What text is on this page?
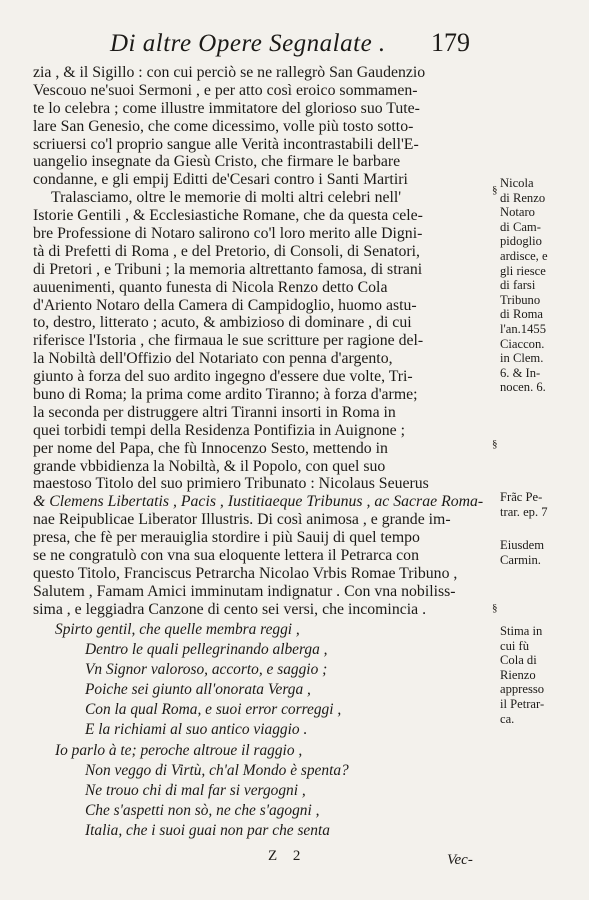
Di altre Opere Segnalate . 179
zia , & il Sigillo : con cui perciò se ne rallegrò San Gaudenzio
Vescouo ne'suoi Sermoni , e per atto così eroico sommamen-
te lo celebra ; come illustre immitatore del glorioso suo Tute-
lare San Genesio, che come dicessimo, volle più tosto sotto-
scriuersi co'l proprio sangue alle Verità incontrastabili dell'E-
uangelio insegnate da Giesù Cristo, che firmare le barbare
condanne, e gli empij Editti de'Cesari contro i Santi Martiri
Tralasciamo, oltre le memorie di molti altri celebri nell'
Istorie Gentili , & Ecclesiastiche Romane, che da questa cele-
bre Professione di Notaro salirono co'l loro merito alle Digni-
tà di Prefetti di Roma , e del Pretorio, di Consoli, di Senatori,
di Pretori , e Tribuni ; la memoria altrettanto famosa, di strani
auuenimenti, quanto funesta di Nicola Renzo detto Cola
d'Ariento Notaro della Camera di Campidoglio, huomo astu-
to, destro, litterato ; acuto, & ambizioso di dominare , di cui
riferisce l'Istoria , che firmaua le sue scritture per ragione del-
la Nobiltà dell'Offizio del Notariato con penna d'argento,
giunto à forza del suo ardito ingegno d'essere due volte, Tri-
buno di Roma; la prima come ardito Tiranno; à forza d'arme;
la seconda per distruggere altri Tiranni insorti in Roma in
quei torbidi tempi della Residenza Pontifizia in Auignone ;
per nome del Papa, che fù Innocenzo Sesto, mettendo in
grande vbbidienza la Nobiltà, & il Popolo, con quel suo
maestoso Titolo del suo primiero Tribunato : Nicolaus Seuerus
& Clemens Libertatis , Pacis , Iustitiaeque Tribunus , ac Sacrae Roma-
nae Reipublicae Liberator Illustris. Di così animosa , e grande im-
presa, che fè per merauiglia stordire i più Sauij di quel tempo
se ne congratulò con vna sua eloquente lettera il Petrarca con
questo Titolo, Franciscus Petrarcha Nicolao Vrbis Romae Tribuno ,
Salutem , Famam Amici imminutam indignatur . Con vna nobiliss-
sima , e leggiadra Canzone di cento sei versi, che incomincia .
Spirto gentil, che quelle membra reggi ,
Dentro le quali pellegrinando alberga ,
Vn Signor valoroso, accorto, e saggio ;
Poiche sei giunto all'onorata Verga ,
Con la qual Roma, e suoi error correggi ,
E la richiami al suo antico viaggio .
Io parlo à te; peroche altroue il raggio ,
Non veggo di Virtù, ch'al Mondo è spenta?
Ne trouo chi di mal far si vergogni ,
Che s'aspetti non sò, ne che s'agogni ,
Italia, che i suoi guai non par che senta
§
§
§
Nicola
di Renzo
Notaro
di Cam-
pidoglio
ardisce, e
gli riesce
di farsi
Tribuno
di Roma
l'an.1455
Ciaccon.
in Clem.
6. & In-
nocen. 6.
Frãc Pe-
trar. ep. 7
Eiusdem
Carmin.
Stima in
cui fù
Cola di
Rienzo
appresso
il Petrar-
ca.
Z 2	Vec-
